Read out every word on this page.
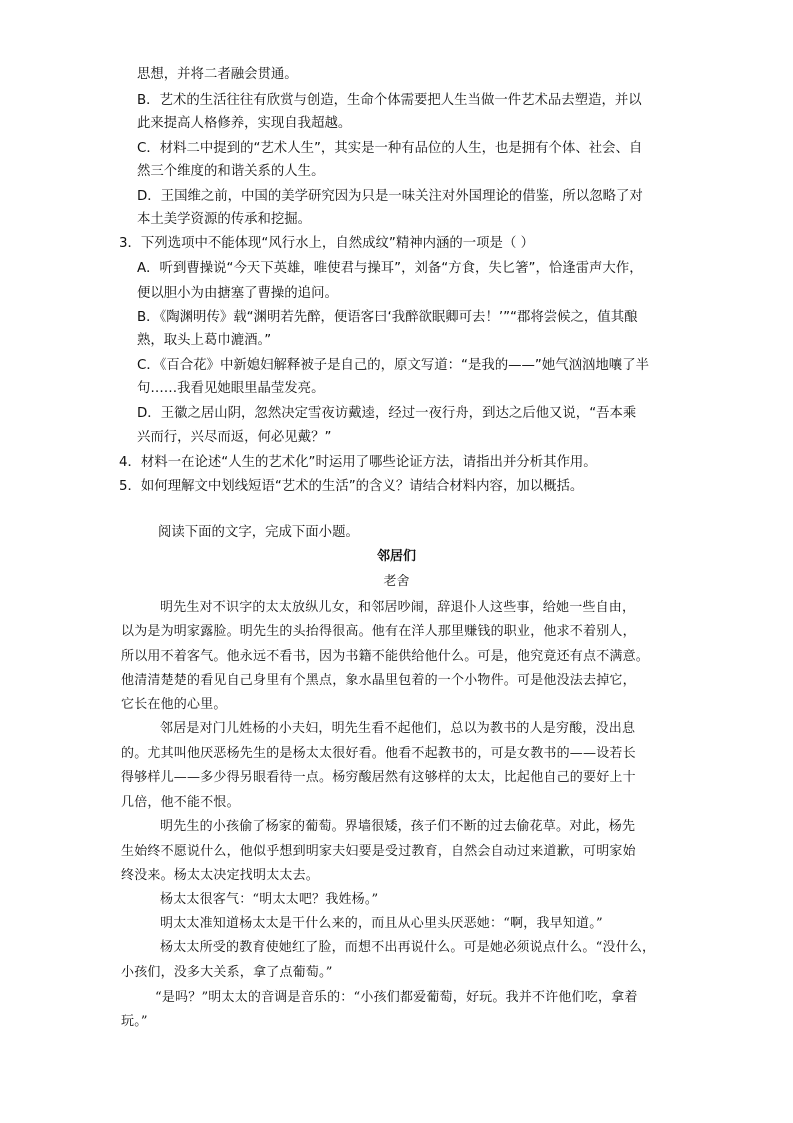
思想，并将二者融会贯通。
B．艺术的生活往往有欣赏与创造，生命个体需要把人生当做一件艺术品去塑造，并以
此来提高人格修养，实现自我超越。
C．材料二中提到的“艺术人生”，其实是一种有品位的人生，也是拥有个体、社会、自
然三个维度的和谐关系的人生。
D．王国维之前，中国的美学研究因为只是一味关注对外国理论的借鉴，所以忽略了对
本土美学资源的传承和挖掘。
3．下列选项中不能体现“风行水上，自然成纹”精神内涵的一项是（ ）
A．听到曹操说“今天下英雄，唯使君与操耳”，刘备“方食，失匕箸”，恰逢雷声大作，
便以胆小为由搪塞了曹操的追问。
B．《陶渊明传》载“渊明若先醉，便语客曰‘我醉欲眠卿可去！’”“郡将尝候之，值其酿
熟，取头上葛巾漉酒。”
C．《百合花》中新媳妇解释被子是自己的，原文写道：“是我的——”她气汹汹地嚷了半
句……我看见她眼里晶莹发亮。
D．王徽之居山阴，忽然决定雪夜访戴逵，经过一夜行舟，到达之后他又说，“吾本乘
兴而行，兴尽而返，何必见戴？”
4．材料一在论述“人生的艺术化”时运用了哪些论证方法，请指出并分析其作用。
5．如何理解文中划线短语“艺术的生活”的含义？请结合材料内容，加以概括。
阅读下面的文字，完成下面小题。
邻居们
老舍
明先生对不识字的太太放纵儿女，和邻居吵闹，辞退仆人这些事，给她一些自由，
以为是为明家露脸。明先生的头抬得很高。他有在洋人那里赚钱的职业，他求不着别人，
所以用不着客气。他永远不看书，因为书籍不能供给他什么。可是，他究竟还有点不满意。
他清清楚楚的看见自己身里有个黑点，象水晶里包着的一个小物件。可是他没法去掉它，
它长在他的心里。
邻居是对门儿姓杨的小夫妇，明先生看不起他们，总以为教书的人是穷酸，没出息
的。尤其叫他厌恶杨先生的是杨太太很好看。他看不起教书的，可是女教书的——设若长
得够样儿——多少得另眼看待一点。杨穷酸居然有这够样的太太，比起他自己的要好上十
几倍，他不能不恨。
明先生的小孩偷了杨家的葡萄。界墙很矮，孩子们不断的过去偷花草。对此，杨先
生始终不愿说什么，他似乎想到明家夫妇要是受过教育，自然会自动过来道歉，可明家始
终没来。杨太太决定找明太太去。
杨太太很客气：“明太太吧？我姓杨。”
明太太准知道杨太太是干什么来的，而且从心里头厌恶她：“啊，我早知道。”
杨太太所受的教育使她红了脸，而想不出再说什么。可是她必须说点什么。“没什么，
小孩们，没多大关系，拿了点葡萄。”
“是吗？”明太太的音调是音乐的：“小孩们都爱葡萄，好玩。我并不许他们吃，拿着
玩。”
